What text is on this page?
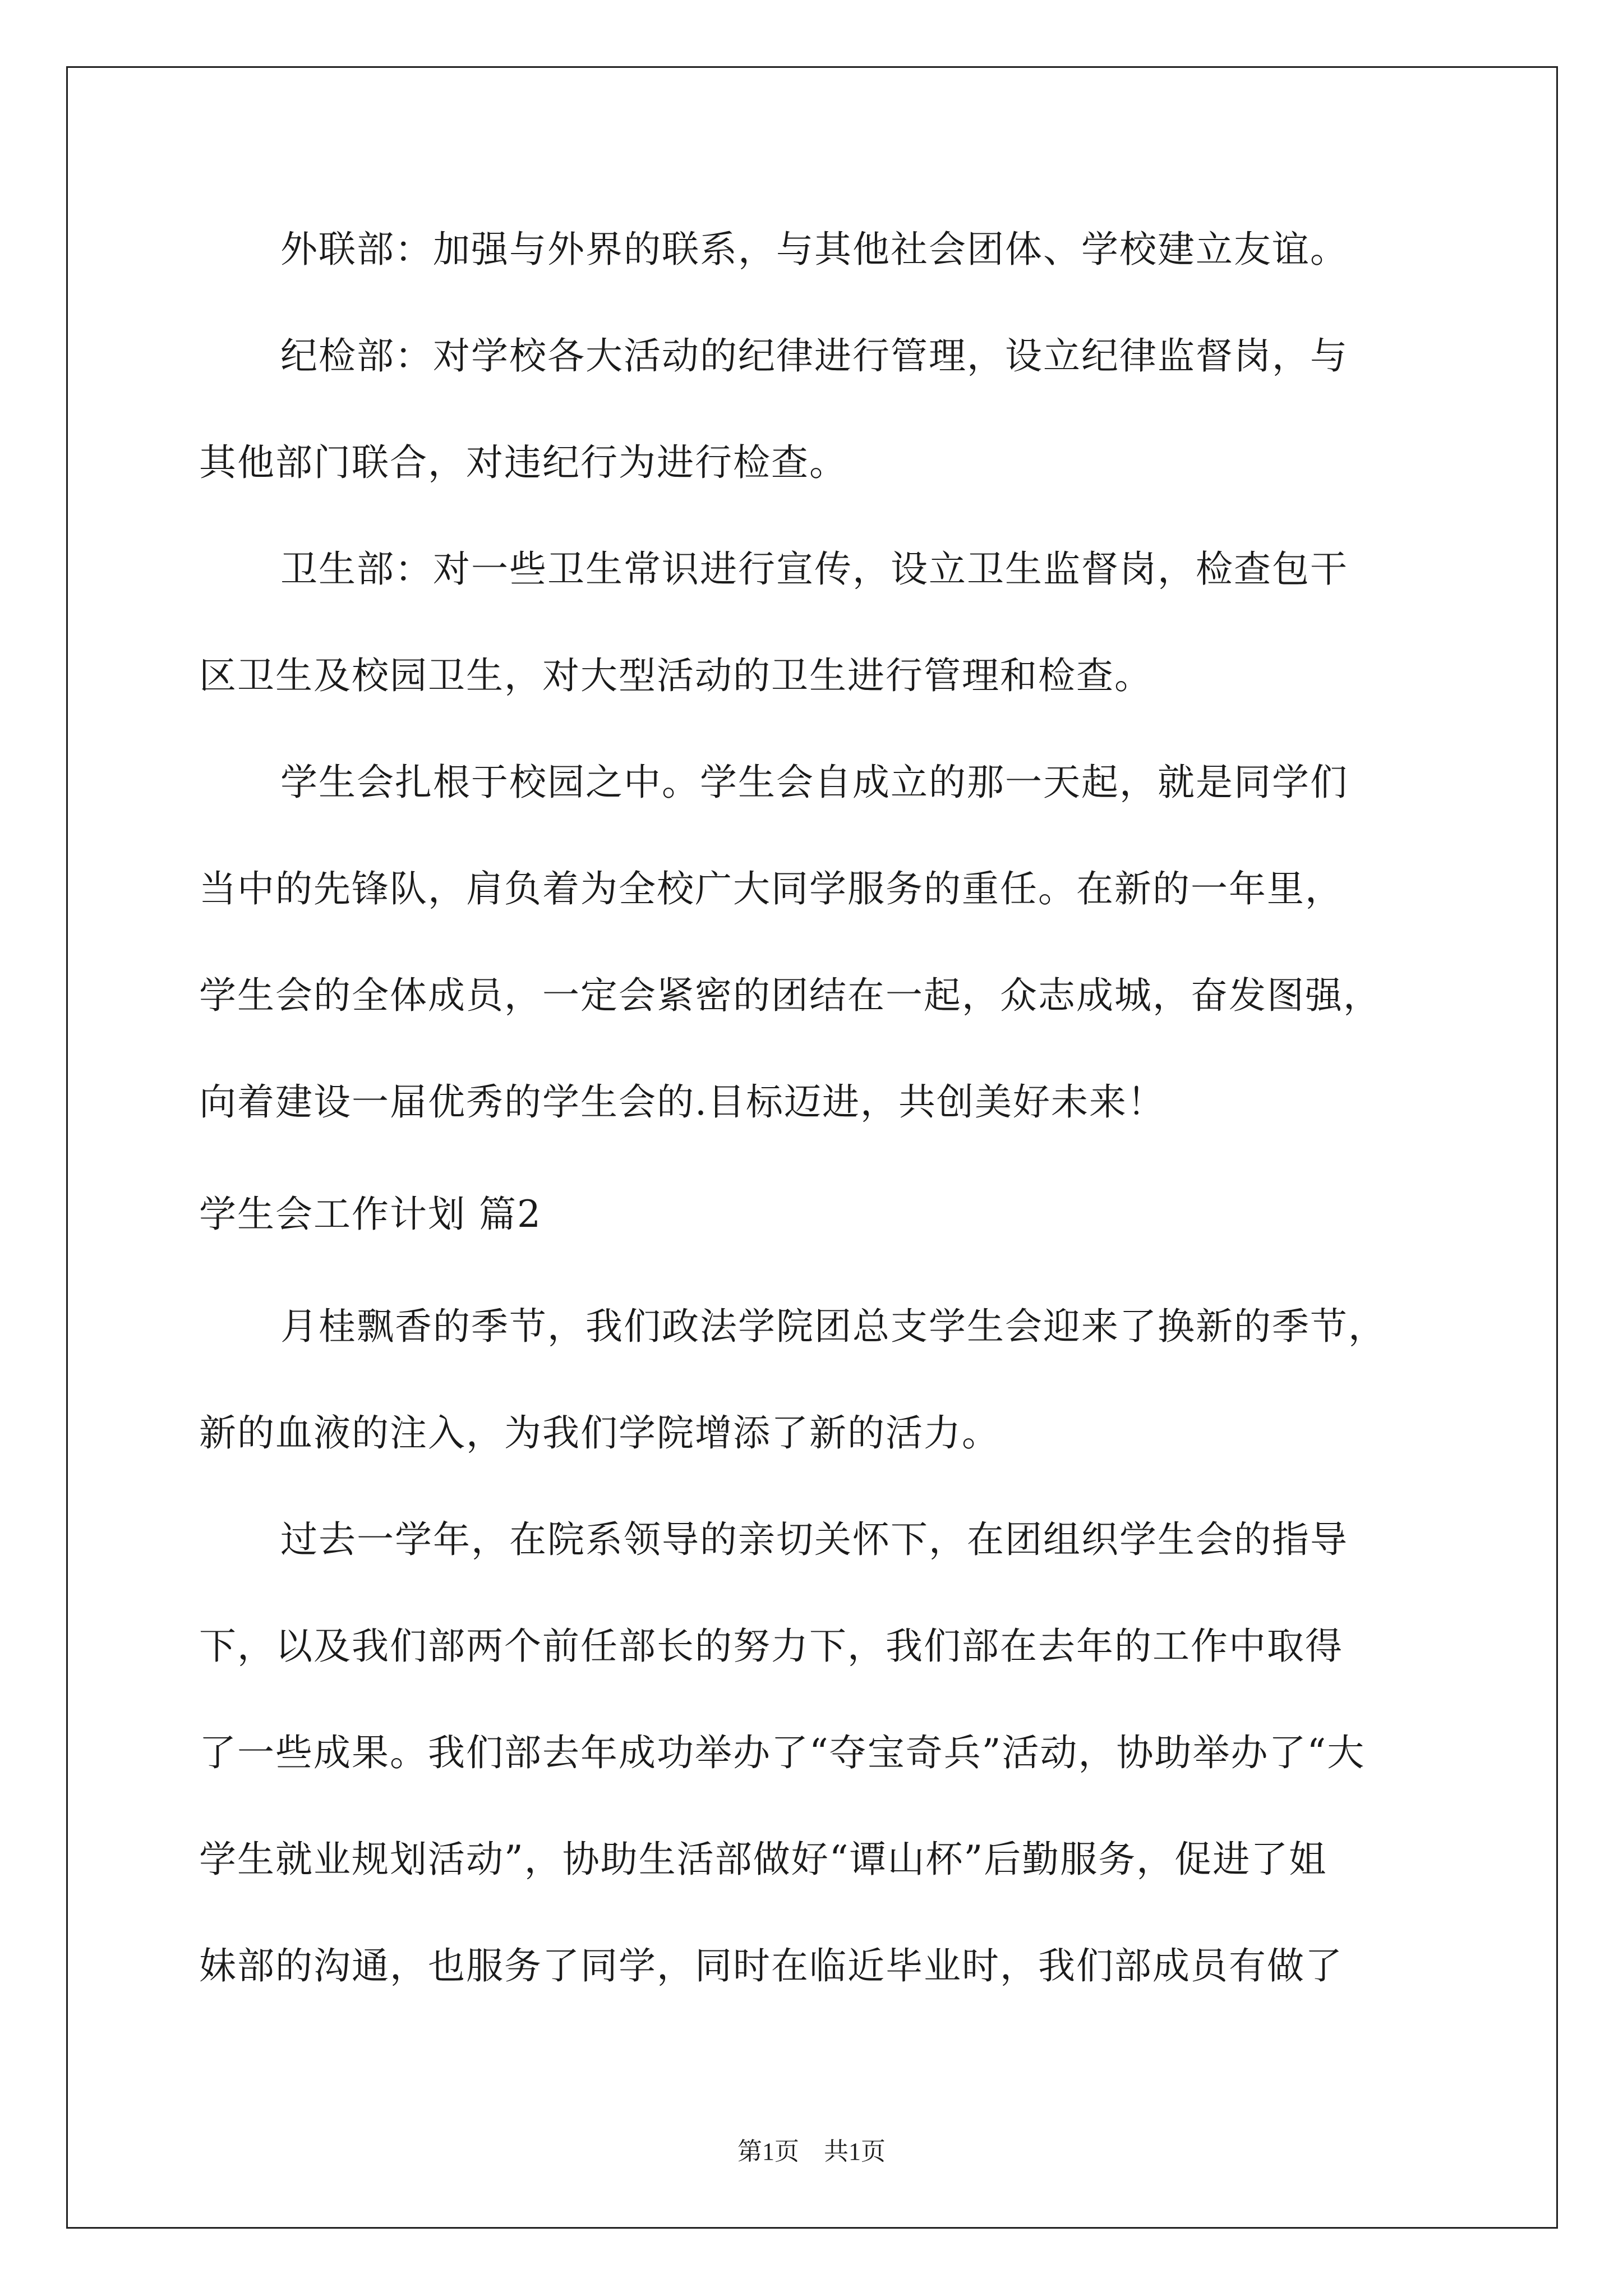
外联部：加强与外界的联系，与其他社会团体、学校建立友谊。
纪检部：对学校各大活动的纪律进行管理，设立纪律监督岗，与
其他部门联合，对违纪行为进行检查。
卫生部：对一些卫生常识进行宣传，设立卫生监督岗，检查包干
区卫生及校园卫生，对大型活动的卫生进行管理和检查。
学生会扎根于校园之中。学生会自成立的那一天起，就是同学们
当中的先锋队，肩负着为全校广大同学服务的重任。在新的一年里，
学生会的全体成员，一定会紧密的团结在一起，众志成城，奋发图强，
向着建设一届优秀的学生会的.目标迈进，共创美好未来！
学生会工作计划 篇2
月桂飘香的季节，我们政法学院团总支学生会迎来了换新的季节，
新的血液的注入，为我们学院增添了新的活力。
过去一学年，在院系领导的亲切关怀下，在团组织学生会的指导
下，以及我们部两个前任部长的努力下，我们部在去年的工作中取得
了一些成果。我们部去年成功举办了“夺宝奇兵”活动，协助举办了“大
学生就业规划活动”，协助生活部做好“谭山杯”后勤服务，促进了姐
妹部的沟通，也服务了同学，同时在临近毕业时，我们部成员有做了
第1页　共1页
